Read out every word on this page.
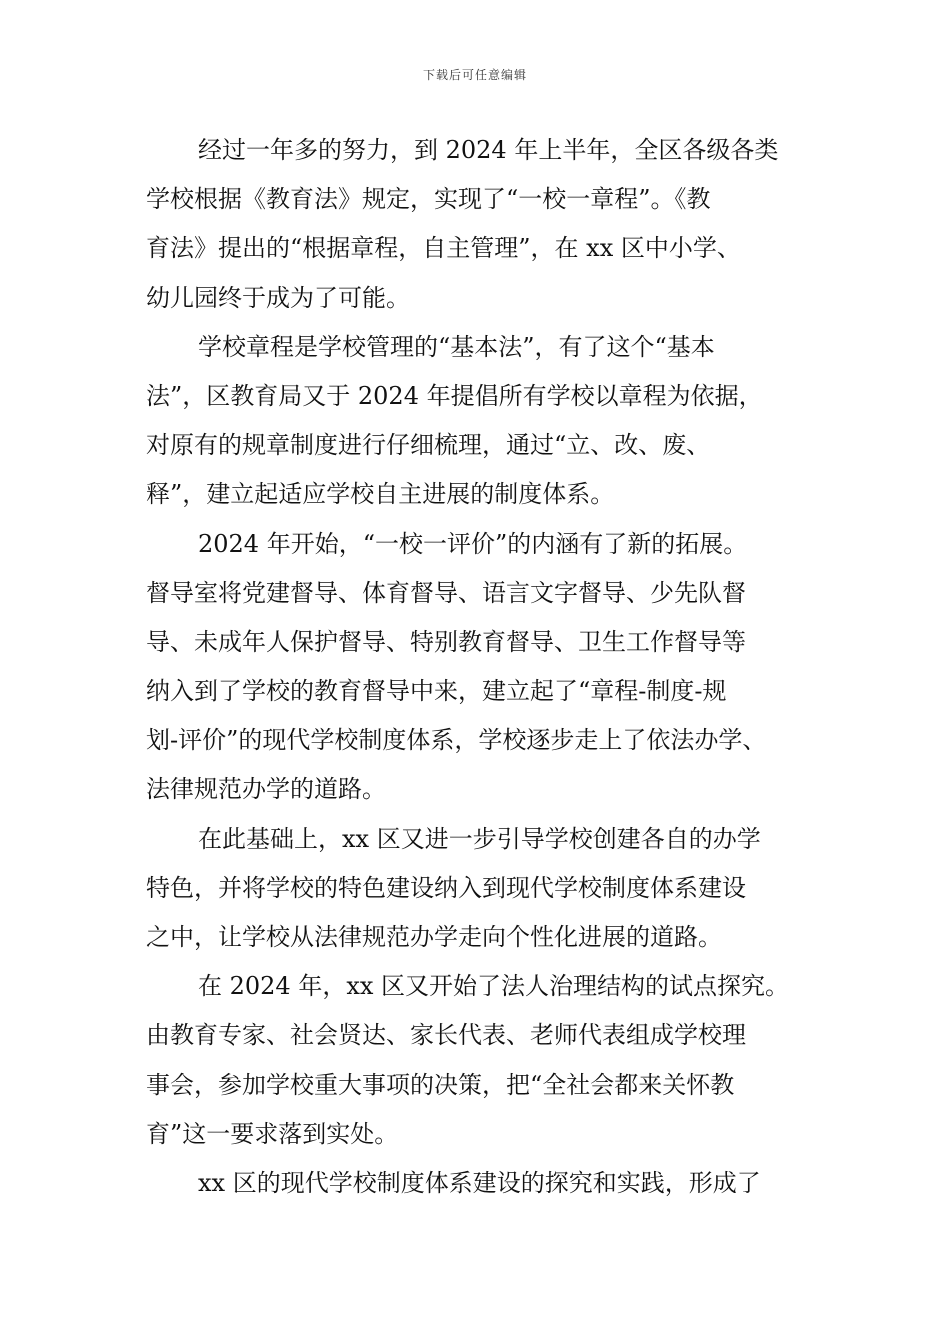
下载后可任意编辑
经过一年多的努力，到 2024 年上半年，全区各级各类
学校根据《教育法》规定，实现了“一校一章程”。《教
育法》提出的“根据章程，自主管理”，在 xx 区中小学、
幼儿园终于成为了可能。
学校章程是学校管理的“基本法”，有了这个“基本
法”，区教育局又于 2024 年提倡所有学校以章程为依据，
对原有的规章制度进行仔细梳理，通过“立、改、废、
释”，建立起适应学校自主进展的制度体系。
2024 年开始，“一校一评价”的内涵有了新的拓展。
督导室将党建督导、体育督导、语言文字督导、少先队督
导、未成年人保护督导、特别教育督导、卫生工作督导等
纳入到了学校的教育督导中来，建立起了“章程-制度-规
划-评价”的现代学校制度体系，学校逐步走上了依法办学、
法律规范办学的道路。
在此基础上，xx 区又进一步引导学校创建各自的办学
特色，并将学校的特色建设纳入到现代学校制度体系建设
之中，让学校从法律规范办学走向个性化进展的道路。
在 2024 年，xx 区又开始了法人治理结构的试点探究。
由教育专家、社会贤达、家长代表、老师代表组成学校理
事会，参加学校重大事项的决策，把“全社会都来关怀教
育”这一要求落到实处。
xx 区的现代学校制度体系建设的探究和实践，形成了
